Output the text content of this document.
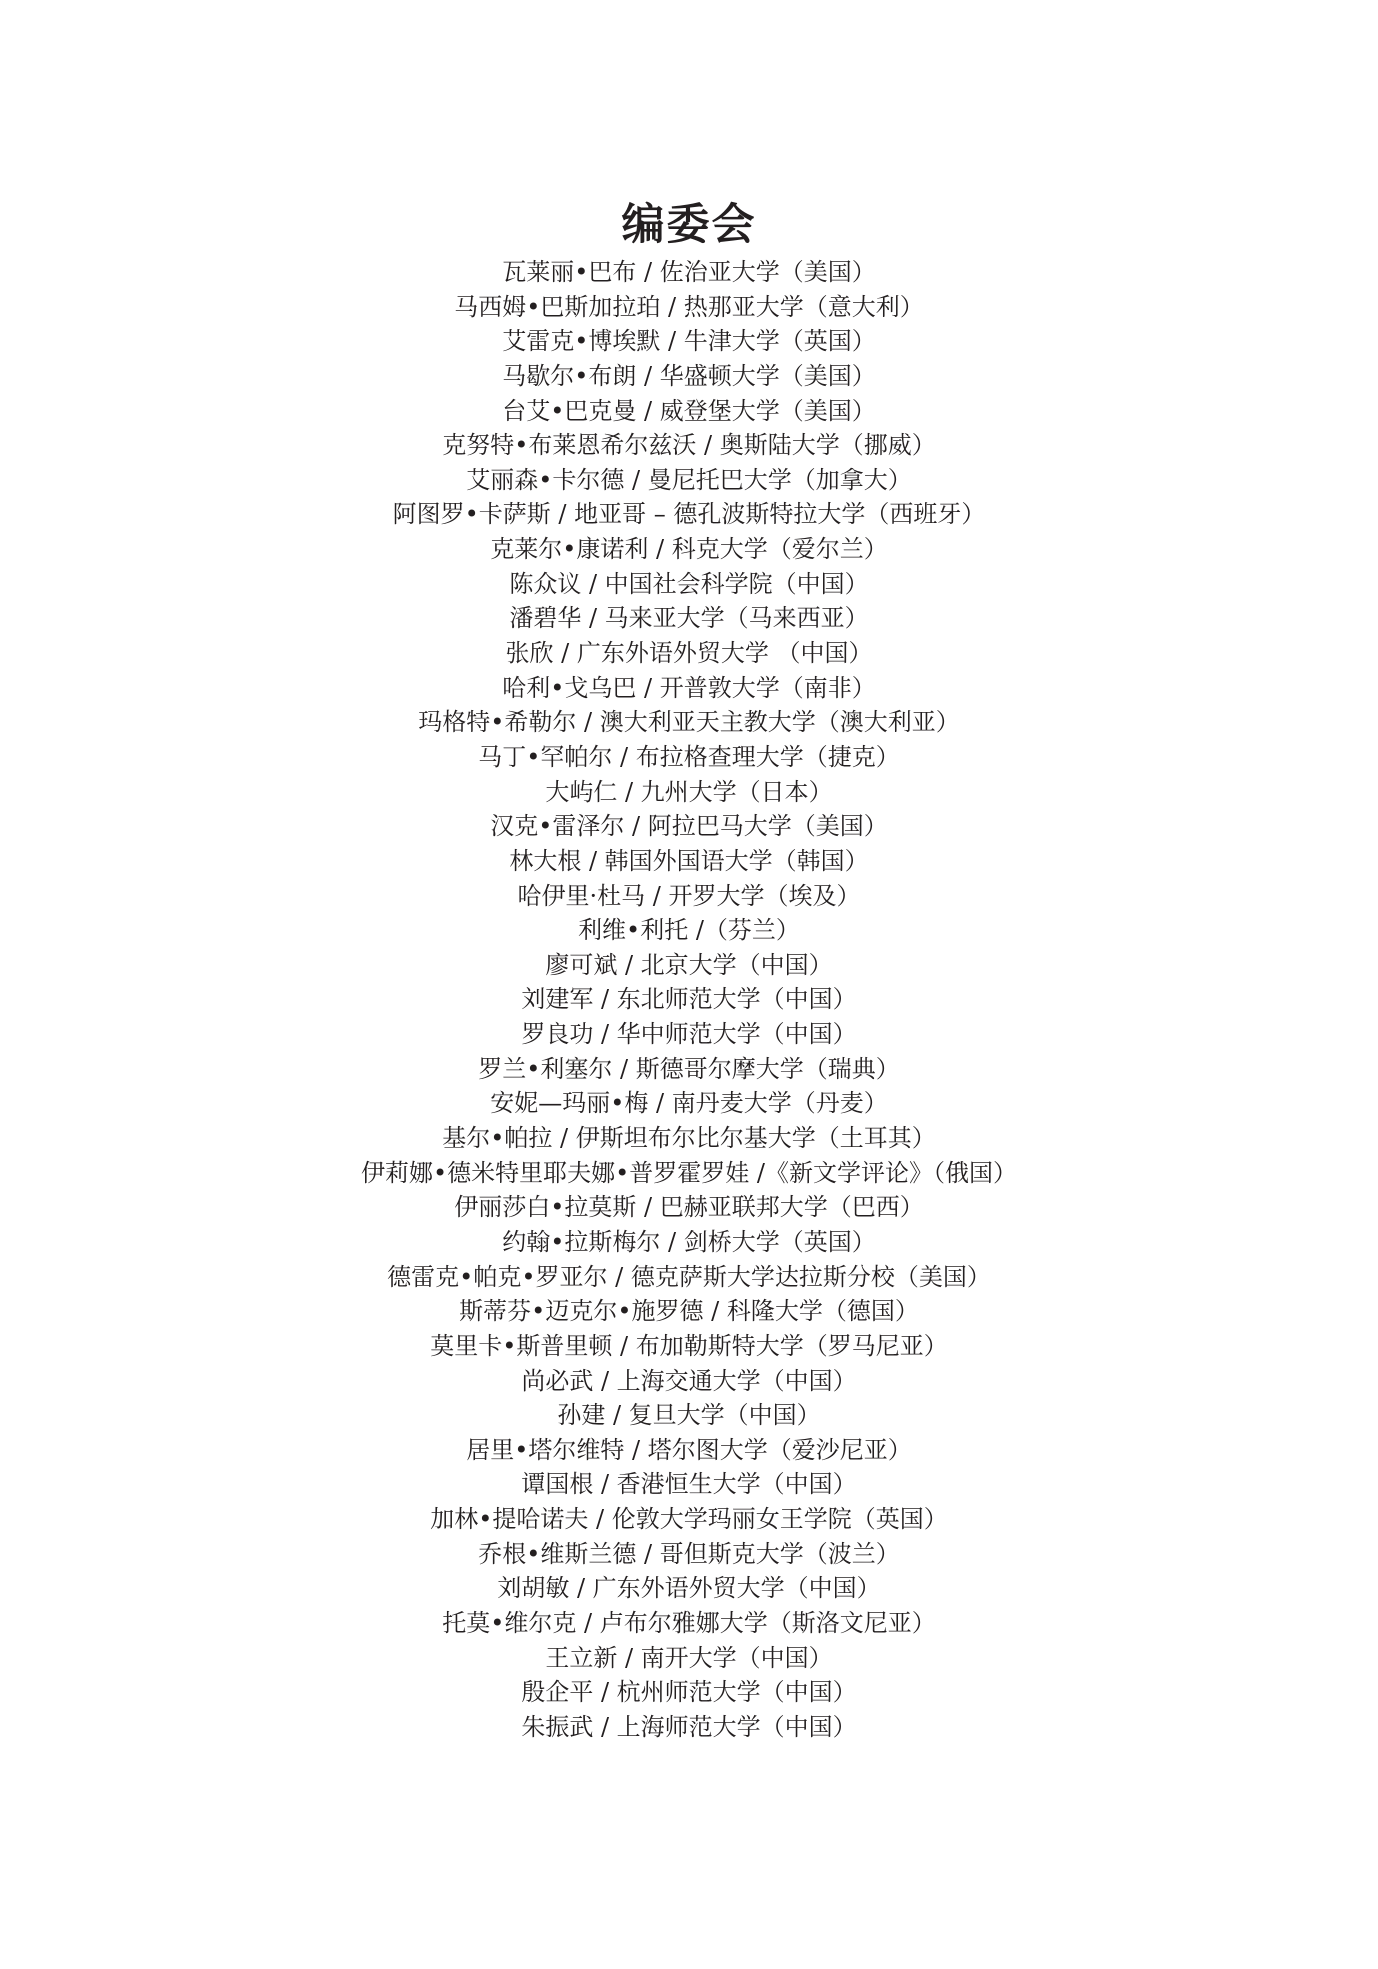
编委会
瓦莱丽•巴布 / 佐治亚大学（美国）
马西姆•巴斯加拉珀 / 热那亚大学（意大利）
艾雷克•博埃默 / 牛津大学（英国）
马歇尔•布朗 / 华盛顿大学（美国）
台艾•巴克曼 / 威登堡大学（美国）
克努特•布莱恩希尔兹沃 / 奥斯陆大学（挪威）
艾丽森•卡尔德 / 曼尼托巴大学（加拿大）
阿图罗•卡萨斯 / 地亚哥 – 德孔波斯特拉大学（西班牙）
克莱尔•康诺利 / 科克大学（爱尔兰）
陈众议 / 中国社会科学院（中国）
潘碧华 / 马来亚大学（马来西亚）
张欣 / 广东外语外贸大学 （中国）
哈利•戈乌巴 / 开普敦大学（南非）
玛格特•希勒尔 / 澳大利亚天主教大学（澳大利亚）
马丁•罕帕尔 / 布拉格查理大学（捷克）
大屿仁 / 九州大学（日本）
汉克•雷泽尔 / 阿拉巴马大学（美国）
林大根 / 韩国外国语大学（韩国）
哈伊里·杜马 / 开罗大学（埃及）
利维•利托 /（芬兰）
廖可斌 / 北京大学（中国）
刘建军 / 东北师范大学（中国）
罗良功 / 华中师范大学（中国）
罗兰•利塞尔 / 斯德哥尔摩大学（瑞典）
安妮—玛丽•梅 / 南丹麦大学（丹麦）
基尔•帕拉 / 伊斯坦布尔比尔基大学（土耳其）
伊莉娜•德米特里耶夫娜•普罗霍罗娃 /《新文学评论》（俄国）
伊丽莎白•拉莫斯 / 巴赫亚联邦大学（巴西）
约翰•拉斯梅尔 / 剑桥大学（英国）
德雷克•帕克•罗亚尔 / 德克萨斯大学达拉斯分校（美国）
斯蒂芬•迈克尔•施罗德 / 科隆大学（德国）
莫里卡•斯普里顿 / 布加勒斯特大学（罗马尼亚）
尚必武 / 上海交通大学（中国）
孙建 / 复旦大学（中国）
居里•塔尔维特 / 塔尔图大学（爱沙尼亚）
谭国根 / 香港恒生大学（中国）
加林•提哈诺夫 / 伦敦大学玛丽女王学院（英国）
乔根•维斯兰德 / 哥但斯克大学（波兰）
刘胡敏 / 广东外语外贸大学（中国）
托莫•维尔克 / 卢布尔雅娜大学（斯洛文尼亚）
王立新 / 南开大学（中国）
殷企平 / 杭州师范大学（中国）
朱振武 / 上海师范大学（中国）
